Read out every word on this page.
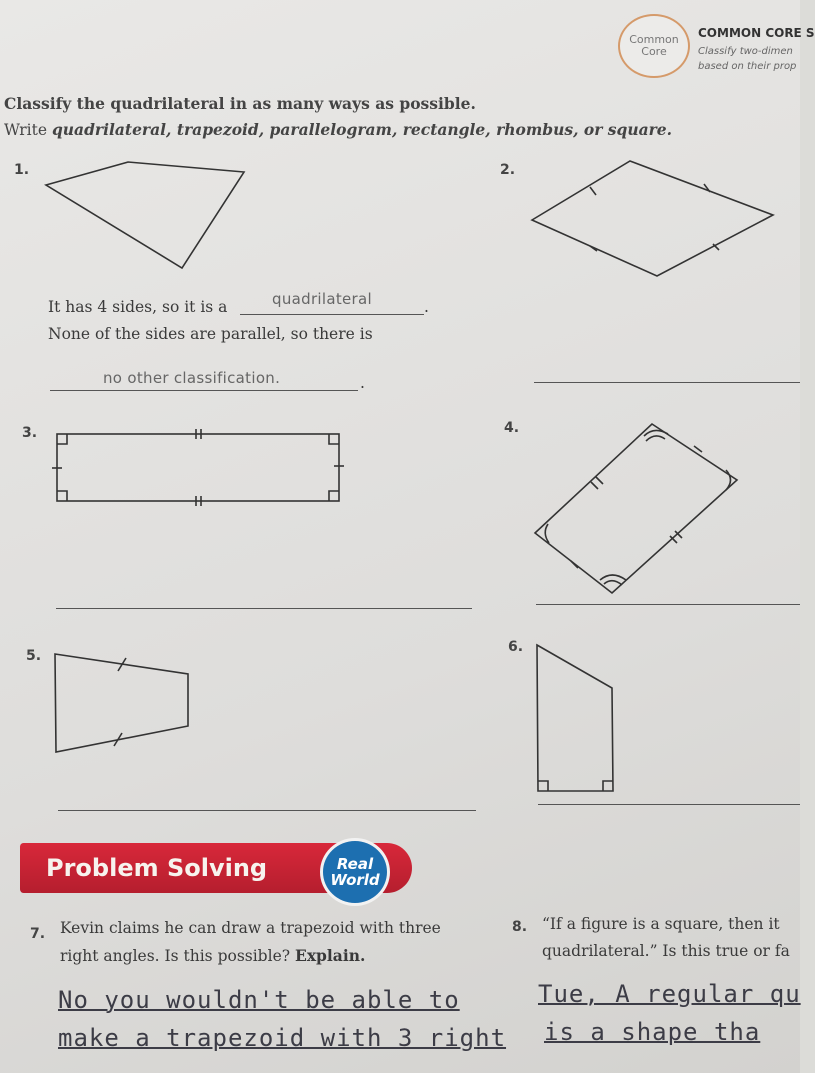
Common
Core
COMMON CORE S
Classify two-dimen
based on their prop
Classify the quadrilateral in as many ways as possible.
Write quadrilateral, trapezoid, parallelogram, rectangle, rhombus, or square.
1.	2.
3.	4.
5.
6.
It has 4 sides, so it is a	quadrilateral	.
None of the sides are parallel, so there is
no other classification.	.
Problem Solving	Real
World
7. Kevin claims he can draw a trapezoid with three
right angles. Is this possible? Explain.
No you wouldn't be able to
make a trapezoid with 3 right
8. “If a figure is a square, then it
quadrilateral.” Is this true or fa
Tue, A regular qu
is a shape tha
